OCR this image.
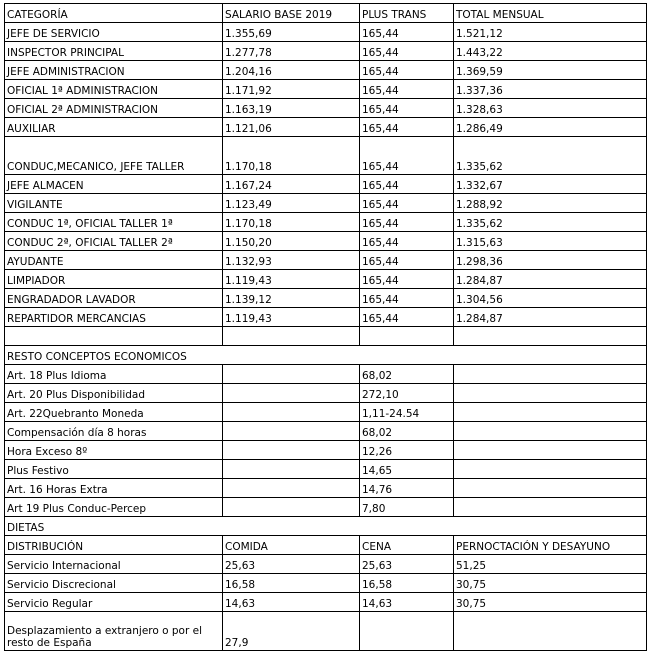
CATEGORÍA	SALARIO BASE 2019	PLUS TRANS	TOTAL MENSUAL
JEFE DE SERVICIO	1.355,69	165,44	1.521,12
INSPECTOR PRINCIPAL	1.277,78	165,44	1.443,22
JEFE ADMINISTRACION	1.204,16	165,44	1.369,59
OFICIAL 1ª ADMINISTRACION	1.171,92	165,44	1.337,36
OFICIAL 2ª ADMINISTRACION	1.163,19	165,44	1.328,63
AUXILIAR	1.121,06	165,44	1.286,49
CONDUC,MECANICO, JEFE TALLER	1.170,18	165,44	1.335,62
JEFE ALMACEN	1.167,24	165,44	1.332,67
VIGILANTE	1.123,49	165,44	1.288,92
CONDUC 1ª, OFICIAL TALLER 1ª	1.170,18	165,44	1.335,62
CONDUC 2ª, OFICIAL TALLER 2ª	1.150,20	165,44	1.315,63
AYUDANTE	1.132,93	165,44	1.298,36
LIMPIADOR	1.119,43	165,44	1.284,87
ENGRADADOR LAVADOR	1.139,12	165,44	1.304,56
REPARTIDOR MERCANCIAS	1.119,43	165,44	1.284,87

RESTO CONCEPTOS ECONOMICOS			
Art. 18 Plus Idioma		68,02	
Art. 20 Plus Disponibilidad		272,10	
Art. 22Quebranto Moneda		1,11-24.54	
Compensación día 8 horas		68,02	
Hora Exceso 8º		12,26	
Plus Festivo		14,65	
Art. 16 Horas Extra		14,76	
Art 19 Plus Conduc-Percep		7,80	
DIETAS			
DISTRIBUCIÓN	COMIDA	CENA	PERNOCTACIÓN Y DESAYUNO
Servicio Internacional	25,63	25,63	51,25
Servicio Discrecional	16,58	16,58	30,75
Servicio Regular	14,63	14,63	30,75
Desplazamiento a extranjero o por el resto de España	27,9		
